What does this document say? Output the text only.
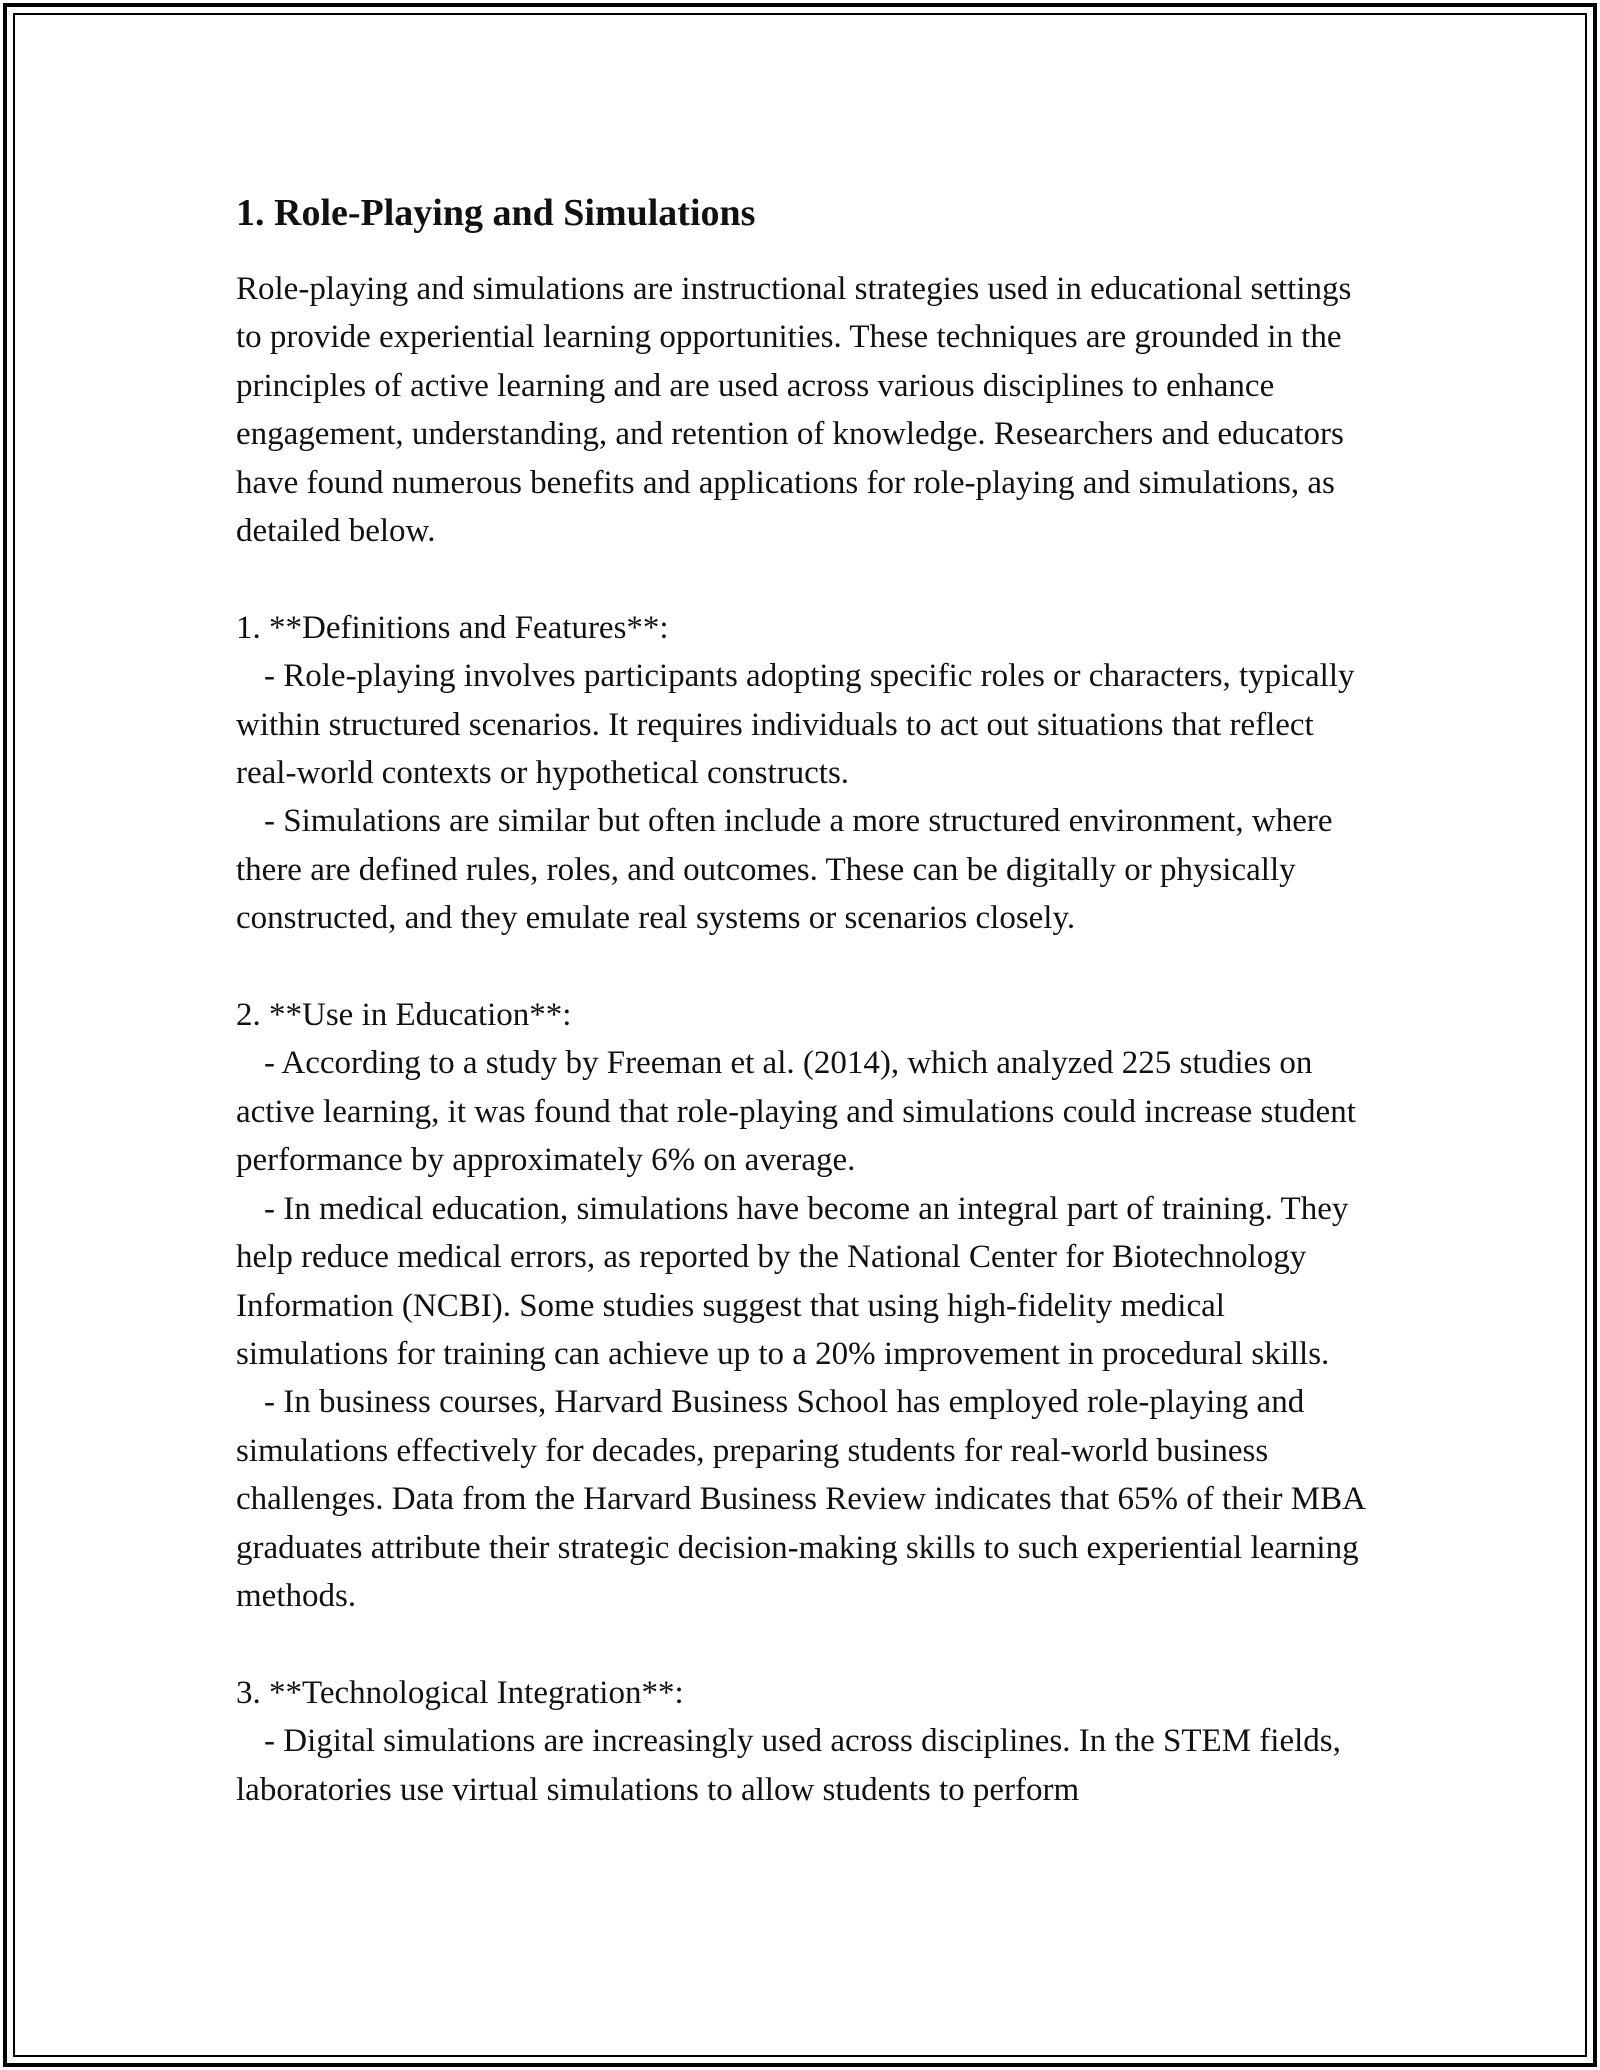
1. Role-Playing and Simulations

Role-playing and simulations are instructional strategies used in educational settings to provide experiential learning opportunities. These techniques are grounded in the principles of active learning and are used across various disciplines to enhance engagement, understanding, and retention of knowledge. Researchers and educators have found numerous benefits and applications for role-playing and simulations, as detailed below.

1. **Definitions and Features**:

- Role-playing involves participants adopting specific roles or characters, typically within structured scenarios. It requires individuals to act out situations that reflect real-world contexts or hypothetical constructs.

- Simulations are similar but often include a more structured environment, where there are defined rules, roles, and outcomes. These can be digitally or physically constructed, and they emulate real systems or scenarios closely.

2. **Use in Education**:

- According to a study by Freeman et al. (2014), which analyzed 225 studies on active learning, it was found that role-playing and simulations could increase student performance by approximately 6% on average.

- In medical education, simulations have become an integral part of training. They help reduce medical errors, as reported by the National Center for Biotechnology Information (NCBI). Some studies suggest that using high-fidelity medical simulations for training can achieve up to a 20% improvement in procedural skills.

- In business courses, Harvard Business School has employed role-playing and simulations effectively for decades, preparing students for real-world business challenges. Data from the Harvard Business Review indicates that 65% of their MBA graduates attribute their strategic decision-making skills to such experiential learning methods.

3. **Technological Integration**:

- Digital simulations are increasingly used across disciplines. In the STEM fields, laboratories use virtual simulations to allow students to perform
